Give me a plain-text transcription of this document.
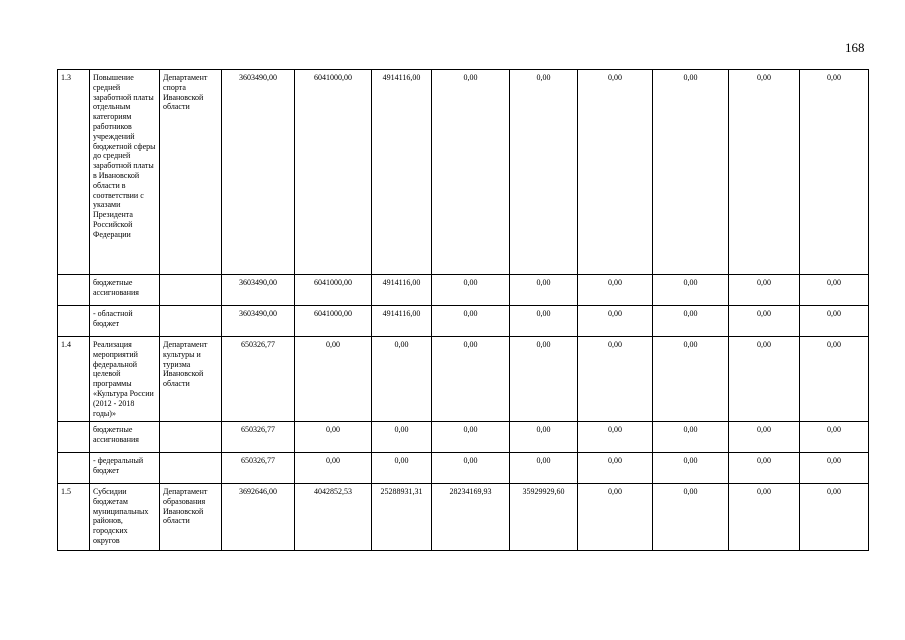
168
1.3	Повышение средней заработной платы отдельным категориям работников учреждений бюджетной сферы до средней заработной платы в Ивановской области в соответствии с указами Президента Российской Федерации	Департамент спорта Ивановской области	3603490,00	6041000,00	4914116,00	0,00	0,00	0,00	0,00	0,00	0,00
	бюджетные ассигнования		3603490,00	6041000,00	4914116,00	0,00	0,00	0,00	0,00	0,00	0,00
	- областной бюджет		3603490,00	6041000,00	4914116,00	0,00	0,00	0,00	0,00	0,00	0,00
1.4	Реализация мероприятий федеральной целевой программы «Культура России (2012 - 2018 годы)»	Департамент культуры и туризма Ивановской области	650326,77	0,00	0,00	0,00	0,00	0,00	0,00	0,00	0,00
	бюджетные ассигнования		650326,77	0,00	0,00	0,00	0,00	0,00	0,00	0,00	0,00
	- федеральный бюджет		650326,77	0,00	0,00	0,00	0,00	0,00	0,00	0,00	0,00
1.5	Субсидии бюджетам муниципальных районов, городских округов	Департамент образования Ивановской области	3692646,00	4042852,53	25288931,31	28234169,93	35929929,60	0,00	0,00	0,00	0,00
